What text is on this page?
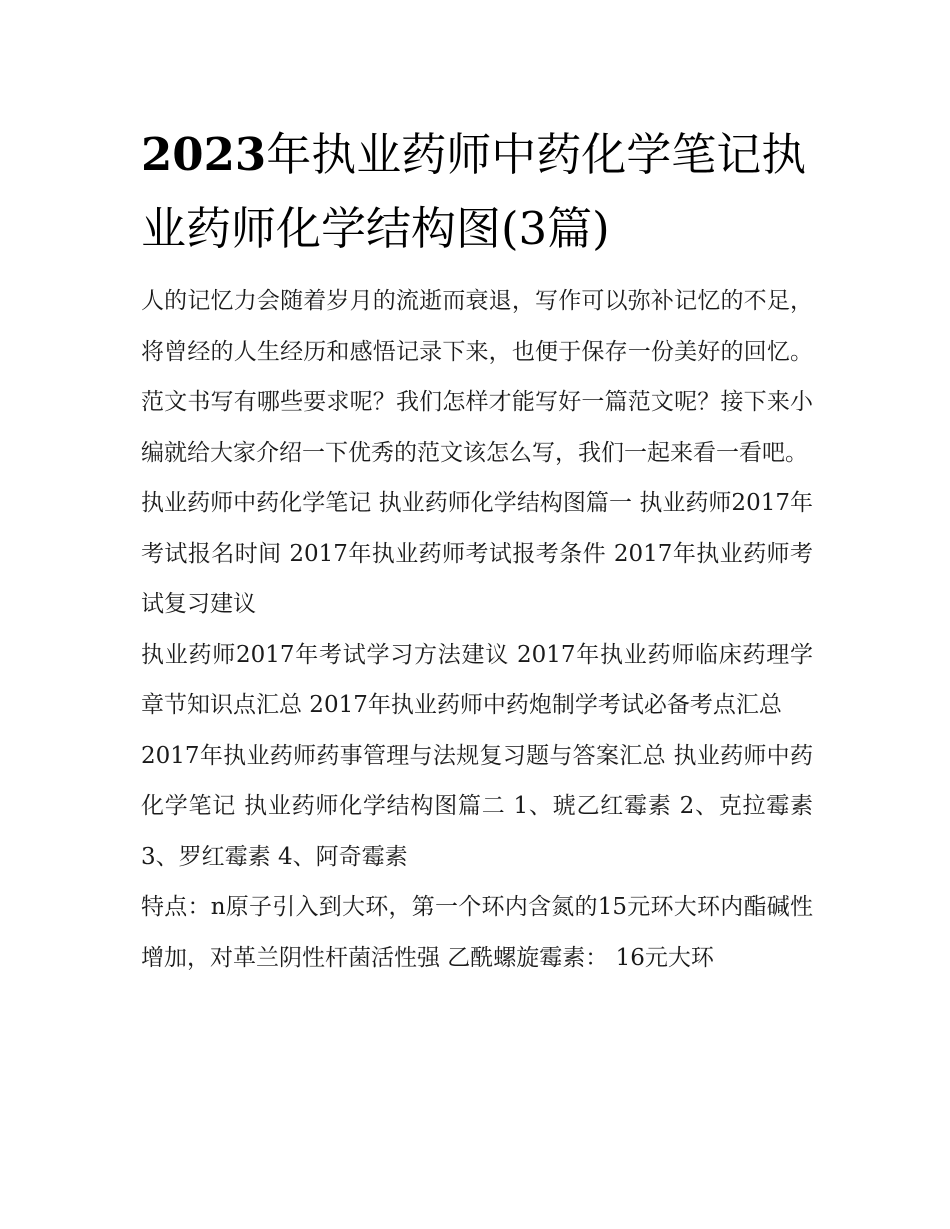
2023年执业药师中药化学笔记执业药师化学结构图(3篇)

人的记忆力会随着岁月的流逝而衰退，写作可以弥补记忆的不足，将曾经的人生经历和感悟记录下来，也便于保存一份美好的回忆。范文书写有哪些要求呢？我们怎样才能写好一篇范文呢？接下来小编就给大家介绍一下优秀的范文该怎么写，我们一起来看一看吧。

执业药师中药化学笔记 执业药师化学结构图篇一 执业药师2017年考试报名时间 2017年执业药师考试报考条件 2017年执业药师考试复习建议

执业药师2017年考试学习方法建议 2017年执业药师临床药理学章节知识点汇总 2017年执业药师中药炮制学考试必备考点汇总

2017年执业药师药事管理与法规复习题与答案汇总 执业药师中药化学笔记 执业药师化学结构图篇二 1、琥乙红霉素 2、克拉霉素 3、罗红霉素 4、阿奇霉素

特点：n原子引入到大环，第一个环内含氮的15元环大环内酯碱性增加，对革兰阴性杆菌活性强 乙酰螺旋霉素： 16元大环
